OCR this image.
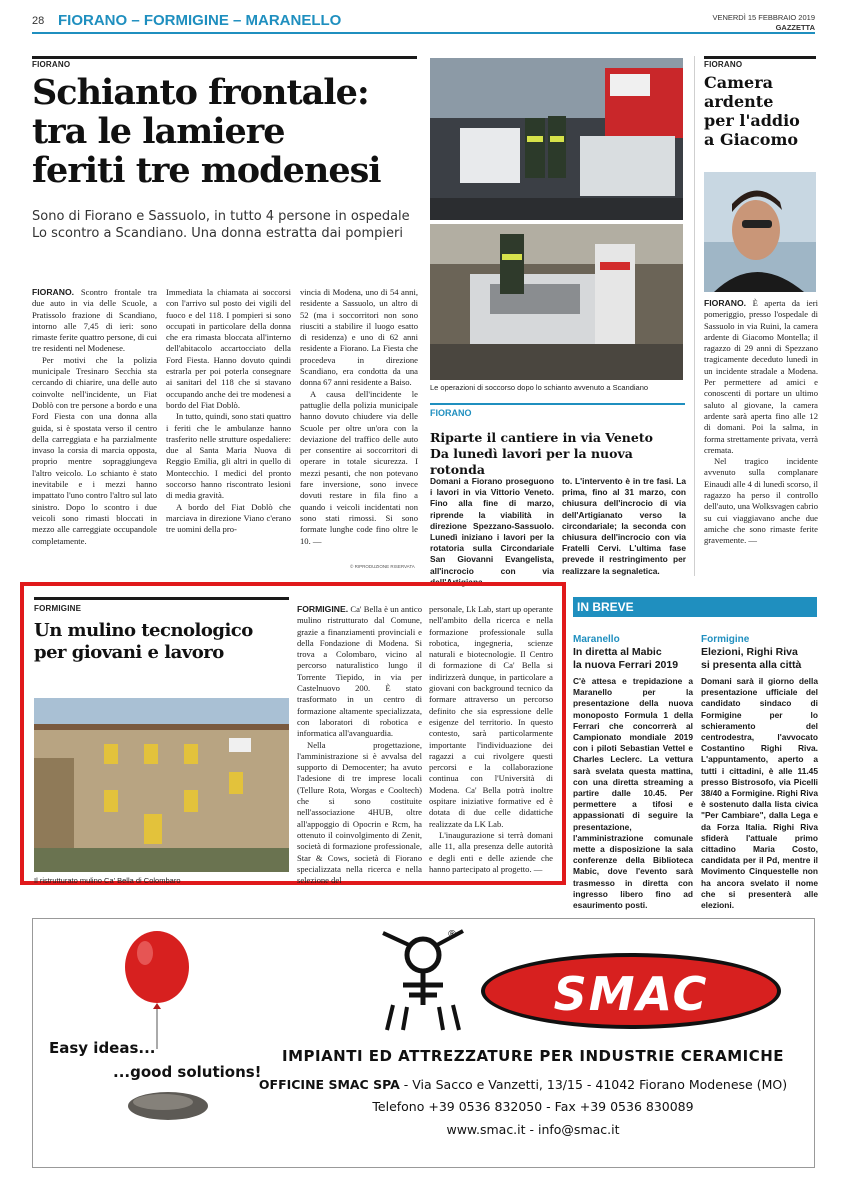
28 FIORANO – FORMIGINE – MARANELLO	VENERDÌ 15 FEBBRAIO 2019
GAZZETTA
FIORANO
Schianto frontale:
tra le lamiere
feriti tre modenesi
Sono di Fiorano e Sassuolo, in tutto 4 persone in ospedale
Lo scontro a Scandiano. Una donna estratta dai pompieri

FIORANO. Scontro frontale tra due auto in via delle Scuole, a Pratissolo frazione di Scandiano, intorno alle 7,45 di ieri: sono rimaste ferite quattro persone, di cui tre residenti nel Modenese.

Per motivi che la polizia municipale Tresinaro Secchia sta cercando di chiarire, una delle auto coinvolte nell'incidente, un Fiat Doblò con tre persone a bordo e una Ford Fiesta con una donna alla guida, si è spostata verso il centro della carreggiata e ha parzialmente invaso la corsia di marcia opposta, proprio mentre sopraggiungeva l'altro veicolo. Lo schianto è stato inevitabile e i mezzi hanno impattato l'uno contro l'altro sul lato sinistro. Dopo lo scontro i due veicoli sono rimasti bloccati in mezzo alle carreggiate occupandole completamente.

Immediata la chiamata ai soccorsi con l'arrivo sul posto dei vigili del fuoco e del 118. I pompieri si sono occupati in particolare della donna che era rimasta bloccata all'interno dell'abitacolo accartocciato della Ford Fiesta. Hanno dovuto quindi estrarla per poi poterla consegnare ai sanitari del 118 che si stavano occupando anche dei tre modenesi a bordo del Fiat Doblò.

In tutto, quindi, sono stati quattro i feriti che le ambulanze hanno trasferito nelle strutture ospedaliere: due al Santa Maria Nuova di Reggio Emilia, gli altri in quello di Montecchio. I medici del pronto soccorso hanno riscontrato lesioni di media gravità.

A bordo del Fiat Doblò che marciava in direzione Viano c'erano tre uomini della pro-

vincia di Modena, uno di 54 anni, residente a Sassuolo, un altro di 52 (ma i soccorritori non sono riusciti a stabilire il luogo esatto di residenza) e uno di 62 anni residente a Fiorano. La Fiesta che procedeva in direzione Scandiano, era condotta da una donna 67 anni residente a Baiso.

A causa dell'incidente le pattuglie della polizia municipale hanno dovuto chiudere via delle Scuole per oltre un'ora con la deviazione del traffico delle auto per consentire ai soccorritori di operare in totale sicurezza. I mezzi pesanti, che non potevano fare inversione, sono invece dovuti restare in fila fino a quando i veicoli incidentati non sono stati rimossi. Si sono formate lunghe code fino oltre le 10. —

© RIPRODUZIONE RISERVATA
Le operazioni di soccorso dopo lo schianto avvenuto a Scandiano
FIORANO
Riparte il cantiere in via Veneto
Da lunedì lavori per la nuova rotonda
Domani a Fiorano proseguono i lavori in via Vittorio Veneto. Fino alla fine di marzo, riprende la viabilità in direzione Spezzano-Sassuolo. Lunedì iniziano i lavori per la rotatoria sulla Circondariale San Giovanni Evangelista, all'incrocio con via dell'Artigiana-
to. L'intervento è in tre fasi. La prima, fino al 31 marzo, con chiusura dell'incrocio di via dell'Artigianato verso la circondariale; la seconda con chiusura dell'incrocio con via Fratelli Cervi. L'ultima fase prevede il restringimento per realizzare la segnaletica.
FIORANO
Camera
ardente
per l'addio
a Giacomo

FIORANO. È aperta da ieri pomeriggio, presso l'ospedale di Sassuolo in via Ruini, la camera ardente di Giacomo Montella; il ragazzo di 29 anni di Spezzano tragicamente deceduto lunedì in un incidente stradale a Modena. Per permettere ad amici e conoscenti di portare un ultimo saluto al giovane, la camera ardente sarà aperta fino alle 12 di domani. Poi la salma, in forma strettamente privata, verrà cremata.

Nel tragico incidente avvenuto sulla complanare Einaudi alle 4 di lunedì scorso, il ragazzo ha perso il controllo dell'auto, una Wolksvagen cabrio su cui viaggiavano anche due amiche che sono rimaste ferite gravemente. —

FORMIGINE
Un mulino tecnologico
per giovani e lavoro
Il ristrutturato mulino Ca' Bella di Colombaro

FORMIGINE. Ca' Bella è un antico mulino ristrutturato dal Comune, grazie a finanziamenti provinciali e della Fondazione di Modena. Si trova a Colombaro, vicino al percorso naturalistico lungo il Torrente Tiepido, in via per Castelnuovo 200. È stato trasformato in un centro di formazione altamente specializzata, con laboratori di robotica e informatica all'avanguardia.

Nella progettazione, l'amministrazione si è avvalsa del supporto di Democenter; ha avuto l'adesione di tre imprese locali (Tellure Rota, Worgas e Cooltech) che si sono costituite nell'associazione 4HUB, oltre all'appoggio di Opocrin e Rcm, ha ottenuto il coinvolgimento di Zenit, società di formazione professionale, Star & Cows, società di Fiorano specializzata nella ricerca e nella selezione del

personale, Lk Lab, start up operante nell'ambito della ricerca e nella formazione professionale sulla robotica, ingegneria, scienze naturali e biotecnologie. Il Centro di formazione di Ca' Bella si indirizzerà dunque, in particolare a giovani con background tecnico da formare attraverso un percorso definito che sia espressione delle esigenze del territorio. In questo contesto, sarà particolarmente importante l'individuazione dei ragazzi a cui rivolgere questi percorsi e la collaborazione continua con l'Università di Modena. Ca' Bella potrà inoltre ospitare iniziative formative ed è dotata di due celle didattiche realizzate da LK Lab.

L'inaugurazione si terrà domani alle 11, alla presenza delle autorità e degli enti e delle aziende che hanno partecipato al progetto. —

IN BREVE
Maranello
In diretta al Mabic
la nuova Ferrari 2019
C'è attesa e trepidazione a Maranello per la presentazione della nuova monoposto Formula 1 della Ferrari che concorrerà al Campionato mondiale 2019 con i piloti Sebastian Vettel e Charles Leclerc. La vettura sarà svelata questa mattina, con una diretta streaming a partire dalle 10.45. Per permettere a tifosi e appassionati di seguire la presentazione, l'amministrazione comunale mette a disposizione la sala conferenze della Biblioteca Mabic, dove l'evento sarà trasmesso in diretta con ingresso libero fino ad esaurimento posti.
Formigine
Elezioni, Righi Riva
si presenta alla città
Domani sarà il giorno della presentazione ufficiale del candidato sindaco di Formigine per lo schieramento del centrodestra, l'avvocato Costantino Righi Riva. L'appuntamento, aperto a tutti i cittadini, è alle 11.45 presso Bistrosofo, via Picelli 38/40 a Formigine. Righi Riva è sostenuto dalla lista civica "Per Cambiare", dalla Lega e da Forza Italia. Righi Riva sfiderà l'attuale primo cittadino Maria Costo, candidata per il Pd, mentre il Movimento Cinquestelle non ha ancora svelato il nome che si presenterà alle elezioni.
Easy ideas...
...good solutions!
®
SMAC
IMPIANTI ED ATTREZZATURE PER INDUSTRIE CERAMICHE
OFFICINE SMAC SPA - Via Sacco e Vanzetti, 13/15 - 41042 Fiorano Modenese (MO)
Telefono +39 0536 832050 - Fax +39 0536 830089
www.smac.it - info@smac.it
